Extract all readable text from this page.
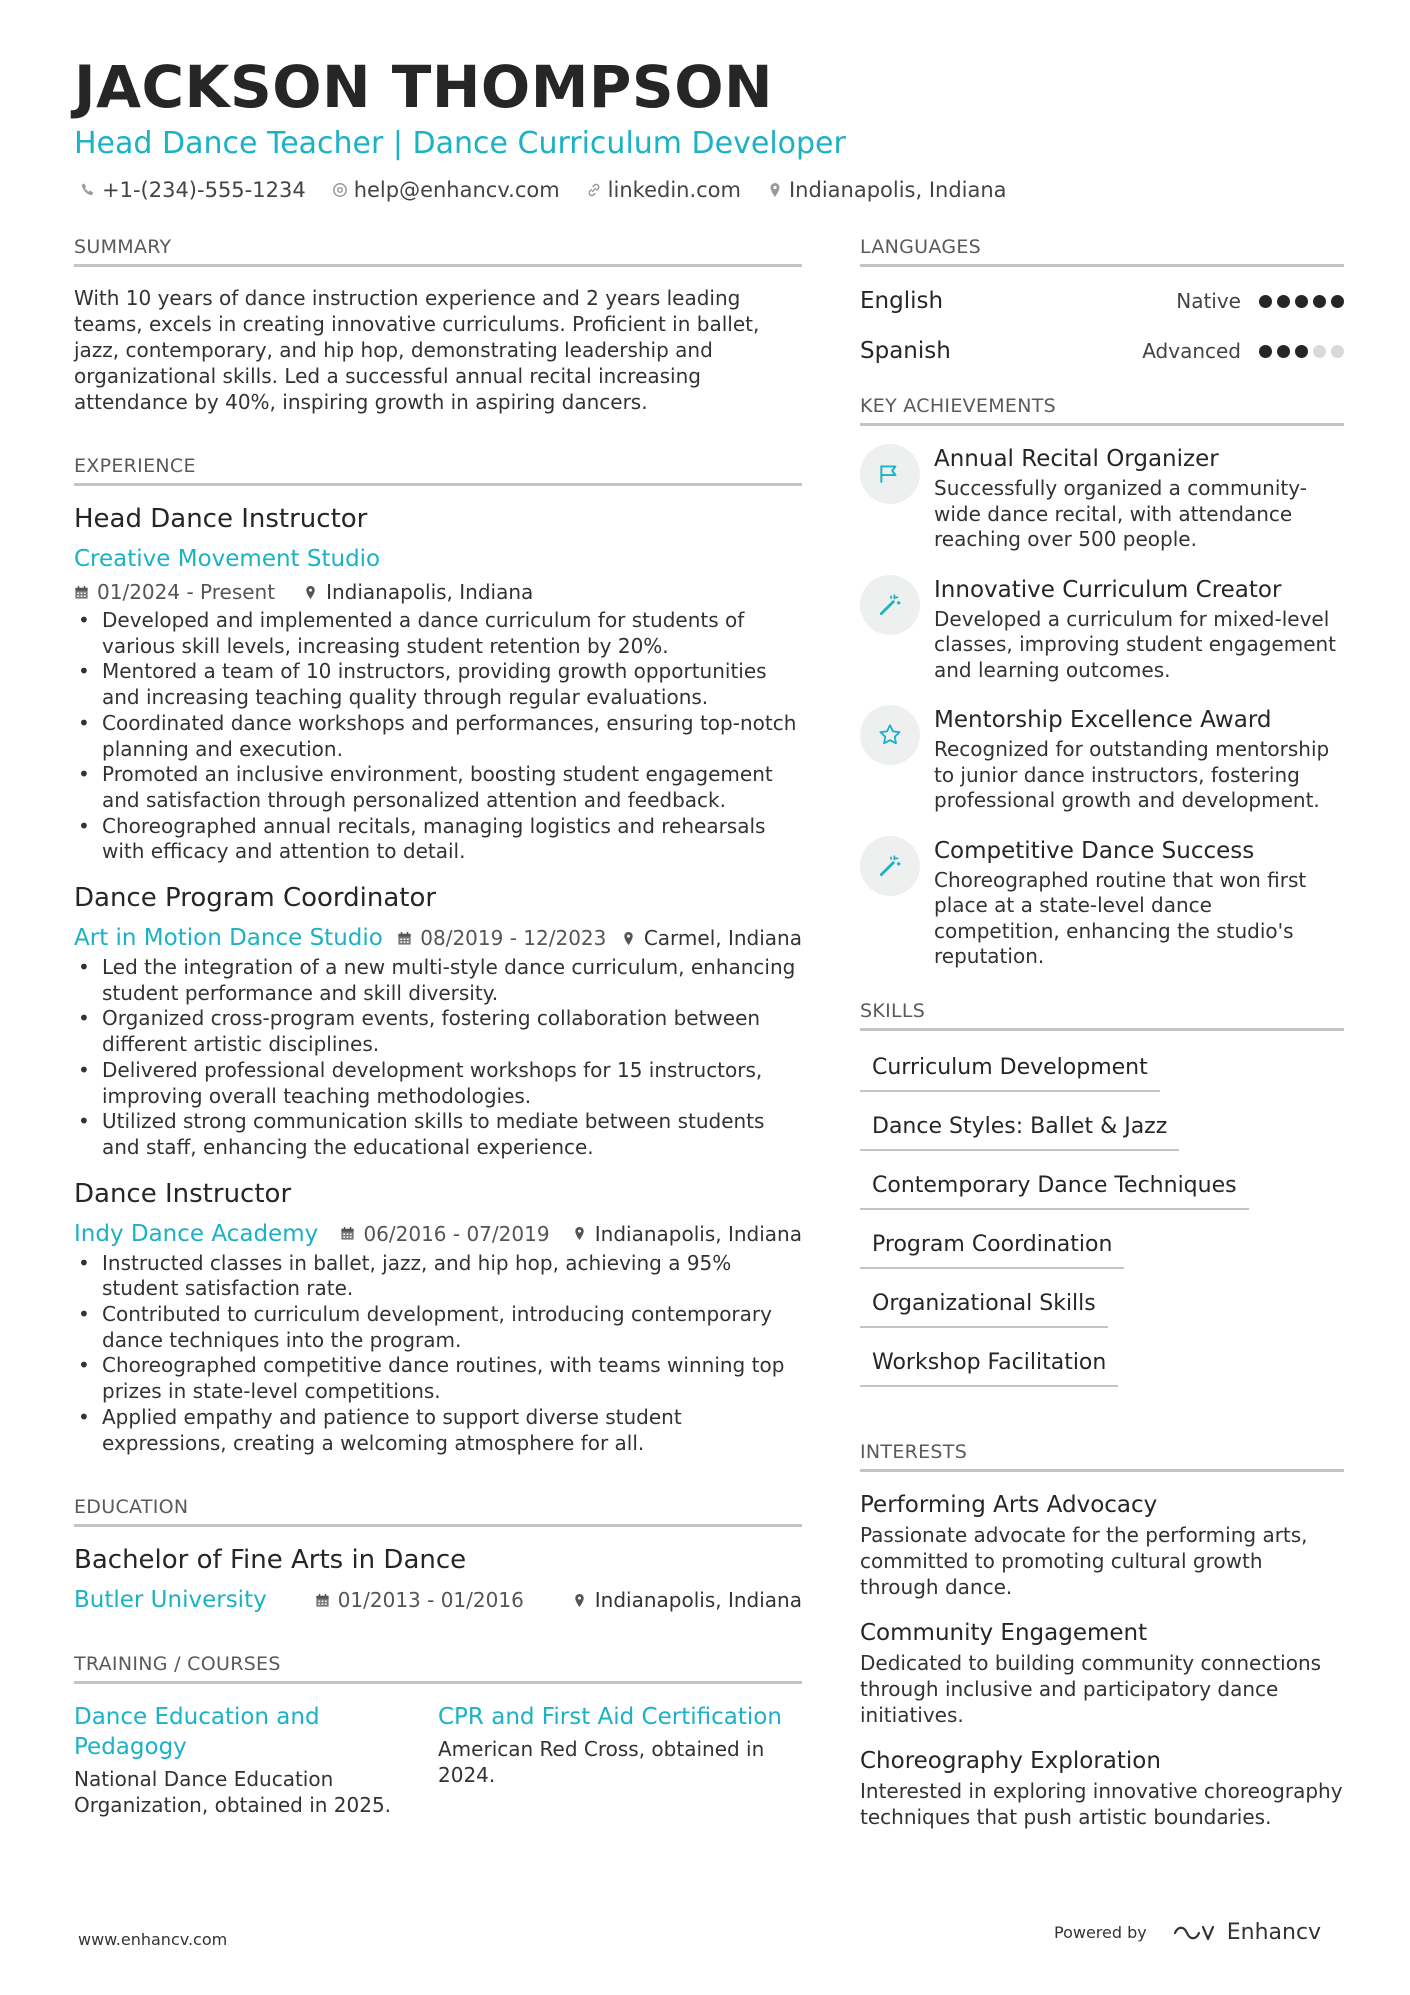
JACKSON THOMPSON
Head Dance Teacher | Dance Curriculum Developer
+1-(234)-555-1234 help@enhancv.com linkedin.com Indianapolis, Indiana
SUMMARY

With 10 years of dance instruction experience and 2 years leading teams, excels in creating innovative curriculums. Proficient in ballet, jazz, contemporary, and hip hop, demonstrating leadership and organizational skills. Led a successful annual recital increasing attendance by 40%, inspiring growth in aspiring dancers.

EXPERIENCE
Head Dance Instructor
Creative Movement Studio
01/2024 - Present	Indianapolis, Indiana
• Developed and implemented a dance curriculum for students of various skill levels, increasing student retention by 20%.
• Mentored a team of 10 instructors, providing growth opportunities and increasing teaching quality through regular evaluations.
• Coordinated dance workshops and performances, ensuring top-notch planning and execution.
• Promoted an inclusive environment, boosting student engagement and satisfaction through personalized attention and feedback.
• Choreographed annual recitals, managing logistics and rehearsals with efficacy and attention to detail.
Dance Program Coordinator
Art in Motion Dance Studio 08/2019 - 12/2023 Carmel, Indiana
• Led the integration of a new multi-style dance curriculum, enhancing student performance and skill diversity.
• Organized cross-program events, fostering collaboration between different artistic disciplines.
• Delivered professional development workshops for 15 instructors, improving overall teaching methodologies.
• Utilized strong communication skills to mediate between students and staff, enhancing the educational experience.
Dance Instructor
Indy Dance Academy 06/2016 - 07/2019 Indianapolis, Indiana
• Instructed classes in ballet, jazz, and hip hop, achieving a 95% student satisfaction rate.
• Contributed to curriculum development, introducing contemporary dance techniques into the program.
• Choreographed competitive dance routines, with teams winning top prizes in state-level competitions.
• Applied empathy and patience to support diverse student expressions, creating a welcoming atmosphere for all.
EDUCATION
Bachelor of Fine Arts in Dance
Butler University	01/2013 - 01/2016	Indianapolis, Indiana
TRAINING / COURSES
Dance Education and Pedagogy
National Dance Education Organization, obtained in 2025.
CPR and First Aid Certification
American Red Cross, obtained in 2024.
LANGUAGES
English	Native
Spanish	Advanced
KEY ACHIEVEMENTS
Annual Recital Organizer
Successfully organized a community-wide dance recital, with attendance reaching over 500 people.
Innovative Curriculum Creator
Developed a curriculum for mixed-level classes, improving student engagement and learning outcomes.
Mentorship Excellence Award
Recognized for outstanding mentorship to junior dance instructors, fostering professional growth and development.
Competitive Dance Success
Choreographed routine that won first place at a state-level dance competition, enhancing the studio's reputation.
SKILLS
Curriculum Development
Dance Styles: Ballet & Jazz
Contemporary Dance Techniques
Program Coordination
Organizational Skills
Workshop Facilitation
INTERESTS
Performing Arts Advocacy
Passionate advocate for the performing arts, committed to promoting cultural growth through dance.
Community Engagement
Dedicated to building community connections through inclusive and participatory dance initiatives.
Choreography Exploration
Interested in exploring innovative choreography techniques that push artistic boundaries.
www.enhancv.com	Powered by	Enhancv
